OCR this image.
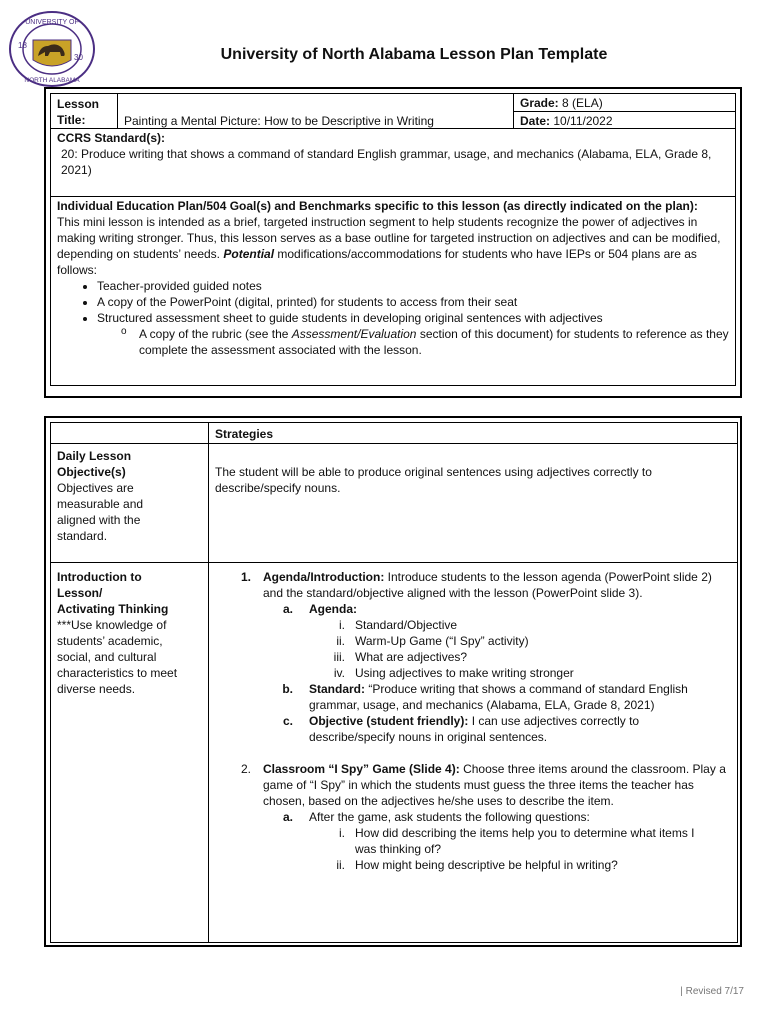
UNIVERSITY OF
NORTH ALABAMA
18
30	University of North Alabama Lesson Plan Template
Lesson
Title:	Painting a Mental Picture: How to be Descriptive in Writing
Grade: 8 (ELA)
Date: 10/11/2022
CCRS Standard(s):
20: Produce writing that shows a command of standard English grammar, usage, and mechanics (Alabama, ELA, Grade 8, 2021)
Individual Education Plan/504 Goal(s) and Benchmarks specific to this lesson (as directly indicated on the plan):
This mini lesson is intended as a brief, targeted instruction segment to help students recognize the power of adjectives in making writing stronger. Thus, this lesson serves as a base outline for targeted instruction on adjectives and can be modified, depending on students’ needs. Potential modifications/accommodations for students who have IEPs or 504 plans are as follows:
• Teacher-provided guided notes
• A copy of the PowerPoint (digital, printed) for students to access from their seat
• Structured assessment sheet to guide students in developing original sentences with adjectives
o A copy of the rubric (see the Assessment/Evaluation section of this document) for students to reference as they complete the assessment associated with the lesson.
Strategies
Daily Lesson Objective(s)
Objectives are measurable and aligned with the standard.
The student will be able to produce original sentences using adjectives correctly to describe/specify nouns.
Introduction to Lesson/
Activating Thinking
***Use knowledge of students’ academic, social, and cultural characteristics to meet diverse needs.
1. Agenda/Introduction: Introduce students to the lesson agenda (PowerPoint slide 2) and the standard/objective aligned with the lesson (PowerPoint slide 3).
a. Agenda:
i. Standard/Objective
ii. Warm-Up Game (“I Spy” activity)
iii. What are adjectives?
iv. Using adjectives to make writing stronger
b. Standard: “Produce writing that shows a command of standard English grammar, usage, and mechanics (Alabama, ELA, Grade 8, 2021)
c. Objective (student friendly): I can use adjectives correctly to describe/specify nouns in original sentences.
2. Classroom “I Spy” Game (Slide 4): Choose three items around the classroom. Play a game of “I Spy” in which the students must guess the three items the teacher has chosen, based on the adjectives he/she uses to describe the item.
a. After the game, ask students the following questions:
i. How did describing the items help you to determine what items I was thinking of?
ii. How might being descriptive be helpful in writing?
| Revised 7/17
